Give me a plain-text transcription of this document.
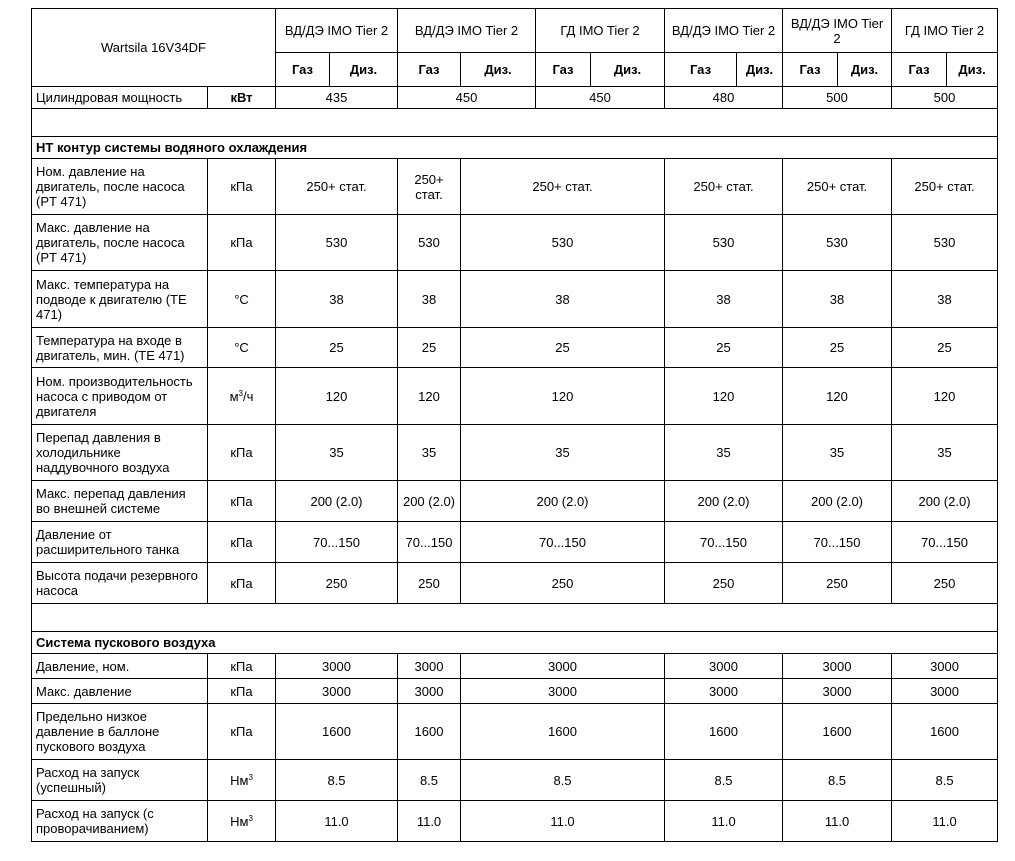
Wartsila 16V34DF		ВД/ДЭ IMO Tier 2		ВД/ДЭ IMO Tier 2		ГД IMO Tier 2		ВД/ДЭ IMO Tier 2		ВД/ДЭ IMO Tier 2		ГД IMO Tier 2	
		Газ	Диз.	Газ	Диз.	Газ	Диз.	Газ	Диз.	Газ	Диз.	Газ	Диз.
Цилиндровая мощность	кВт	435		450		450		480		500		500	

НТ контур системы водяного охлаждения													
Ном. давление на двигатель, после насоса (PT 471)	кПа	250+ стат.		250+ стат.	250+ стат.			250+ стат.		250+ стат.		250+ стат.	
Макс. давление на двигатель, после насоса (PT 471)	кПа	530		530	530			530		530		530	
Макс. температура на подводе к двигателю (TE 471)	°C	38		38	38			38		38		38	
Температура на входе в двигатель, мин. (TE 471)	°C	25		25	25			25		25		25	
Ном. производительность насоса с приводом от двигателя	$м^3/ч$	120		120	120			120		120		120	
Перепад давления в холодильнике наддувочного воздуха	кПа	35		35	35			35		35		35	
Макс. перепад давления во внешней системе	кПа	200 (2.0)		200 (2.0)	200 (2.0)			200 (2.0)		200 (2.0)		200 (2.0)	
Давление от расширительного танка	кПа	70...150		70...150	70...150			70...150		70...150		70...150	
Высота подачи резервного насоса	кПа	250		250	250			250		250		250	

Система пускового воздуха													
Давление, ном.	кПа	3000		3000	3000			3000		3000		3000	
Макс. давление	кПа	3000		3000	3000			3000		3000		3000	
Предельно низкое давление в баллоне пускового воздуха	кПа	1600		1600	1600			1600		1600		1600	
Расход на запуск (успешный)	$Нм^3$	8.5		8.5	8.5			8.5		8.5		8.5	
Расход на запуск (с проворачиванием)	$Нм^3$	11.0		11.0	11.0			11.0		11.0		11.0	
